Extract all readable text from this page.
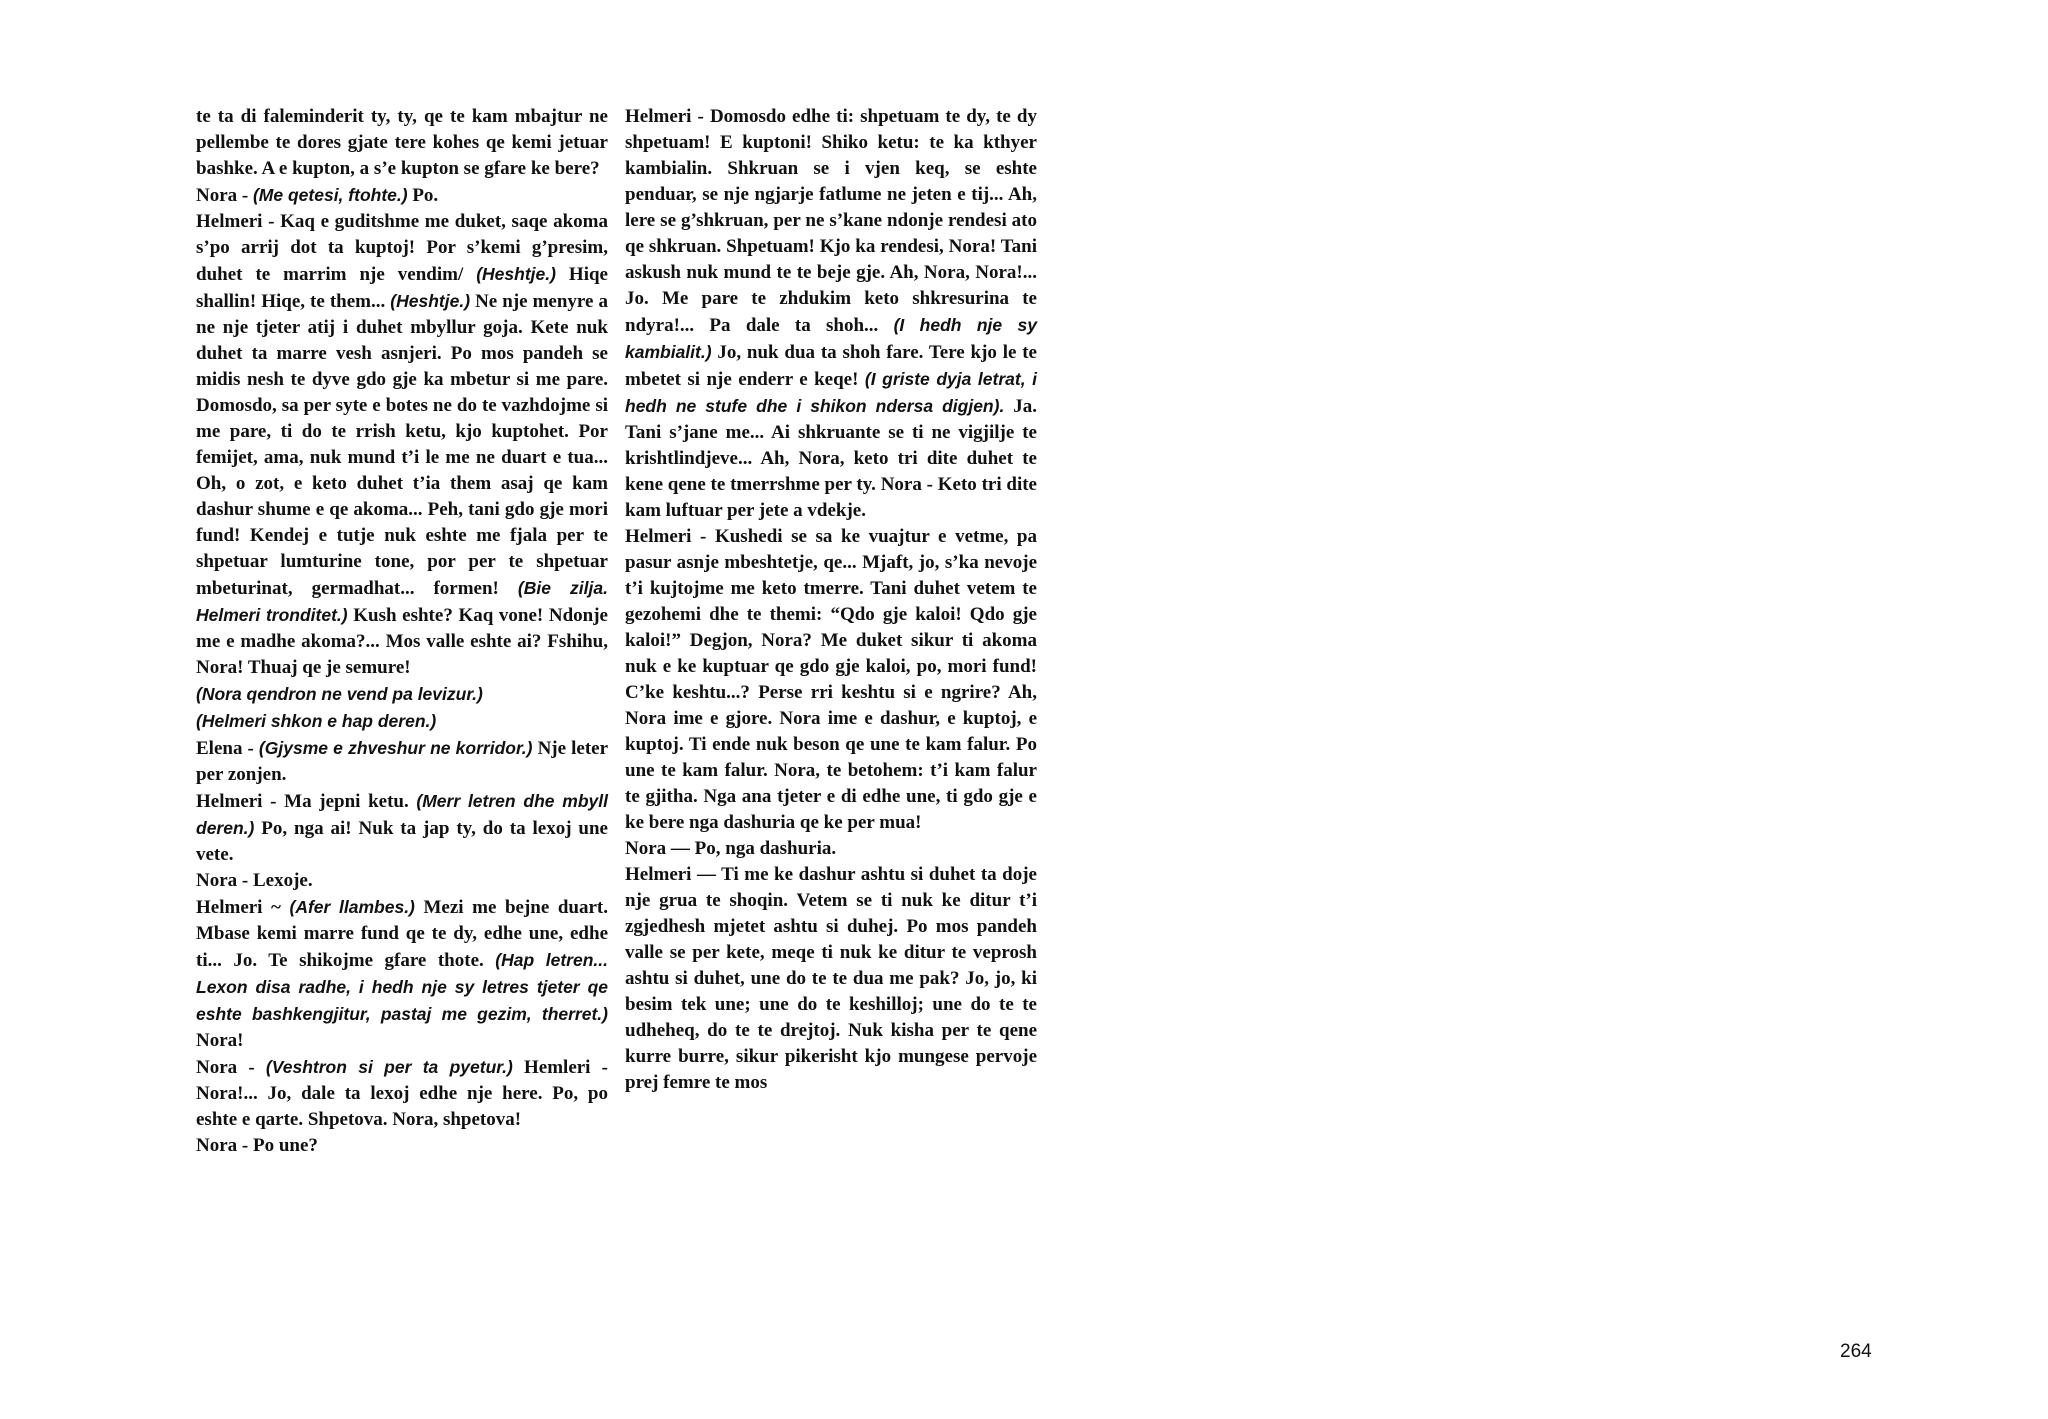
te ta di faleminderit ty, ty, qe te kam mbajtur ne pellembe te dores gjate tere kohes qe kemi jetuar bashke. A e kupton, a s’e kupton se gfare ke bere?

Nora - (Me qetesi, ftohte.) Po.

Helmeri - Kaq e guditshme me duket, saqe akoma s’po arrij dot ta kuptoj! Por s’kemi g’presim, duhet te marrim nje vendim/ (Heshtje.) Hiqe shallin! Hiqe, te them... (Heshtje.) Ne nje menyre a ne nje tjeter atij i duhet mbyllur goja. Kete nuk duhet ta marre vesh asnjeri. Po mos pandeh se midis nesh te dyve gdo gje ka mbetur si me pare. Domosdo, sa per syte e botes ne do te vazhdojme si me pare, ti do te rrish ketu, kjo kuptohet. Por femijet, ama, nuk mund t’i le me ne duart e tua... Oh, o zot, e keto duhet t’ia them asaj qe kam dashur shume e qe akoma... Peh, tani gdo gje mori fund! Kendej e tutje nuk eshte me fjala per te shpetuar lumturine tone, por per te shpetuar mbeturinat, germadhat... formen! (Bie zilja. Helmeri tronditet.) Kush eshte? Kaq vone! Ndonje me e madhe akoma?... Mos valle eshte ai? Fshihu, Nora! Thuaj qe je semure!

(Nora qendron ne vend pa levizur.)

(Helmeri shkon e hap deren.)

Elena - (Gjysme e zhveshur ne korridor.) Nje leter per zonjen.

Helmeri - Ma jepni ketu. (Merr letren dhe mbyll deren.) Po, nga ai! Nuk ta jap ty, do ta lexoj une vete.

Nora - Lexoje.

Helmeri ~ (Afer llambes.) Mezi me bejne duart. Mbase kemi marre fund qe te dy, edhe une, edhe ti... Jo. Te shikojme gfare thote. (Hap letren... Lexon disa radhe, i hedh nje sy letres tjeter qe eshte bashkengjitur, pastaj me gezim, therret.) Nora!

Nora - (Veshtron si per ta pyetur.) Hemleri - Nora!... Jo, dale ta lexoj edhe nje here. Po, po eshte e qarte. Shpetova. Nora, shpetova!

Nora - Po une?

Helmeri - Domosdo edhe ti: shpetuam te dy, te dy shpetuam! E kuptoni! Shiko ketu: te ka kthyer kambialin. Shkruan se i vjen keq, se eshte penduar, se nje ngjarje fatlume ne jeten e tij... Ah, lere se g’shkruan, per ne s’kane ndonje rendesi ato qe shkruan. Shpetuam! Kjo ka rendesi, Nora! Tani askush nuk mund te te beje gje. Ah, Nora, Nora!... Jo. Me pare te zhdukim keto shkresurina te ndyra!... Pa dale ta shoh... (I hedh nje sy kambialit.) Jo, nuk dua ta shoh fare. Tere kjo le te mbetet si nje enderr e keqe! (I griste dyja letrat, i hedh ne stufe dhe i shikon ndersa digjen). Ja. Tani s’jane me... Ai shkruante se ti ne vigjilje te krishtlindjeve... Ah, Nora, keto tri dite duhet te kene qene te tmerrshme per ty. Nora - Keto tri dite kam luftuar per jete a vdekje.

Helmeri - Kushedi se sa ke vuajtur e vetme, pa pasur asnje mbeshtetje, qe... Mjaft, jo, s’ka nevoje t’i kujtojme me keto tmerre. Tani duhet vetem te gezohemi dhe te themi: “Qdo gje kaloi! Qdo gje kaloi!” Degjon, Nora? Me duket sikur ti akoma nuk e ke kuptuar qe gdo gje kaloi, po, mori fund! C’ke keshtu...? Perse rri keshtu si e ngrire? Ah, Nora ime e gjore. Nora ime e dashur, e kuptoj, e kuptoj. Ti ende nuk beson qe une te kam falur. Po une te kam falur. Nora, te betohem: t’i kam falur te gjitha. Nga ana tjeter e di edhe une, ti gdo gje e ke bere nga dashuria qe ke per mua!

Nora — Po, nga dashuria.

Helmeri — Ti me ke dashur ashtu si duhet ta doje nje grua te shoqin. Vetem se ti nuk ke ditur t’i zgjedhesh mjetet ashtu si duhej. Po mos pandeh valle se per kete, meqe ti nuk ke ditur te veprosh ashtu si duhet, une do te te dua me pak? Jo, jo, ki besim tek une; une do te keshilloj; une do te te udheheq, do te te drejtoj. Nuk kisha per te qene kurre burre, sikur pikerisht kjo mungese pervoje prej femre te mos

264
